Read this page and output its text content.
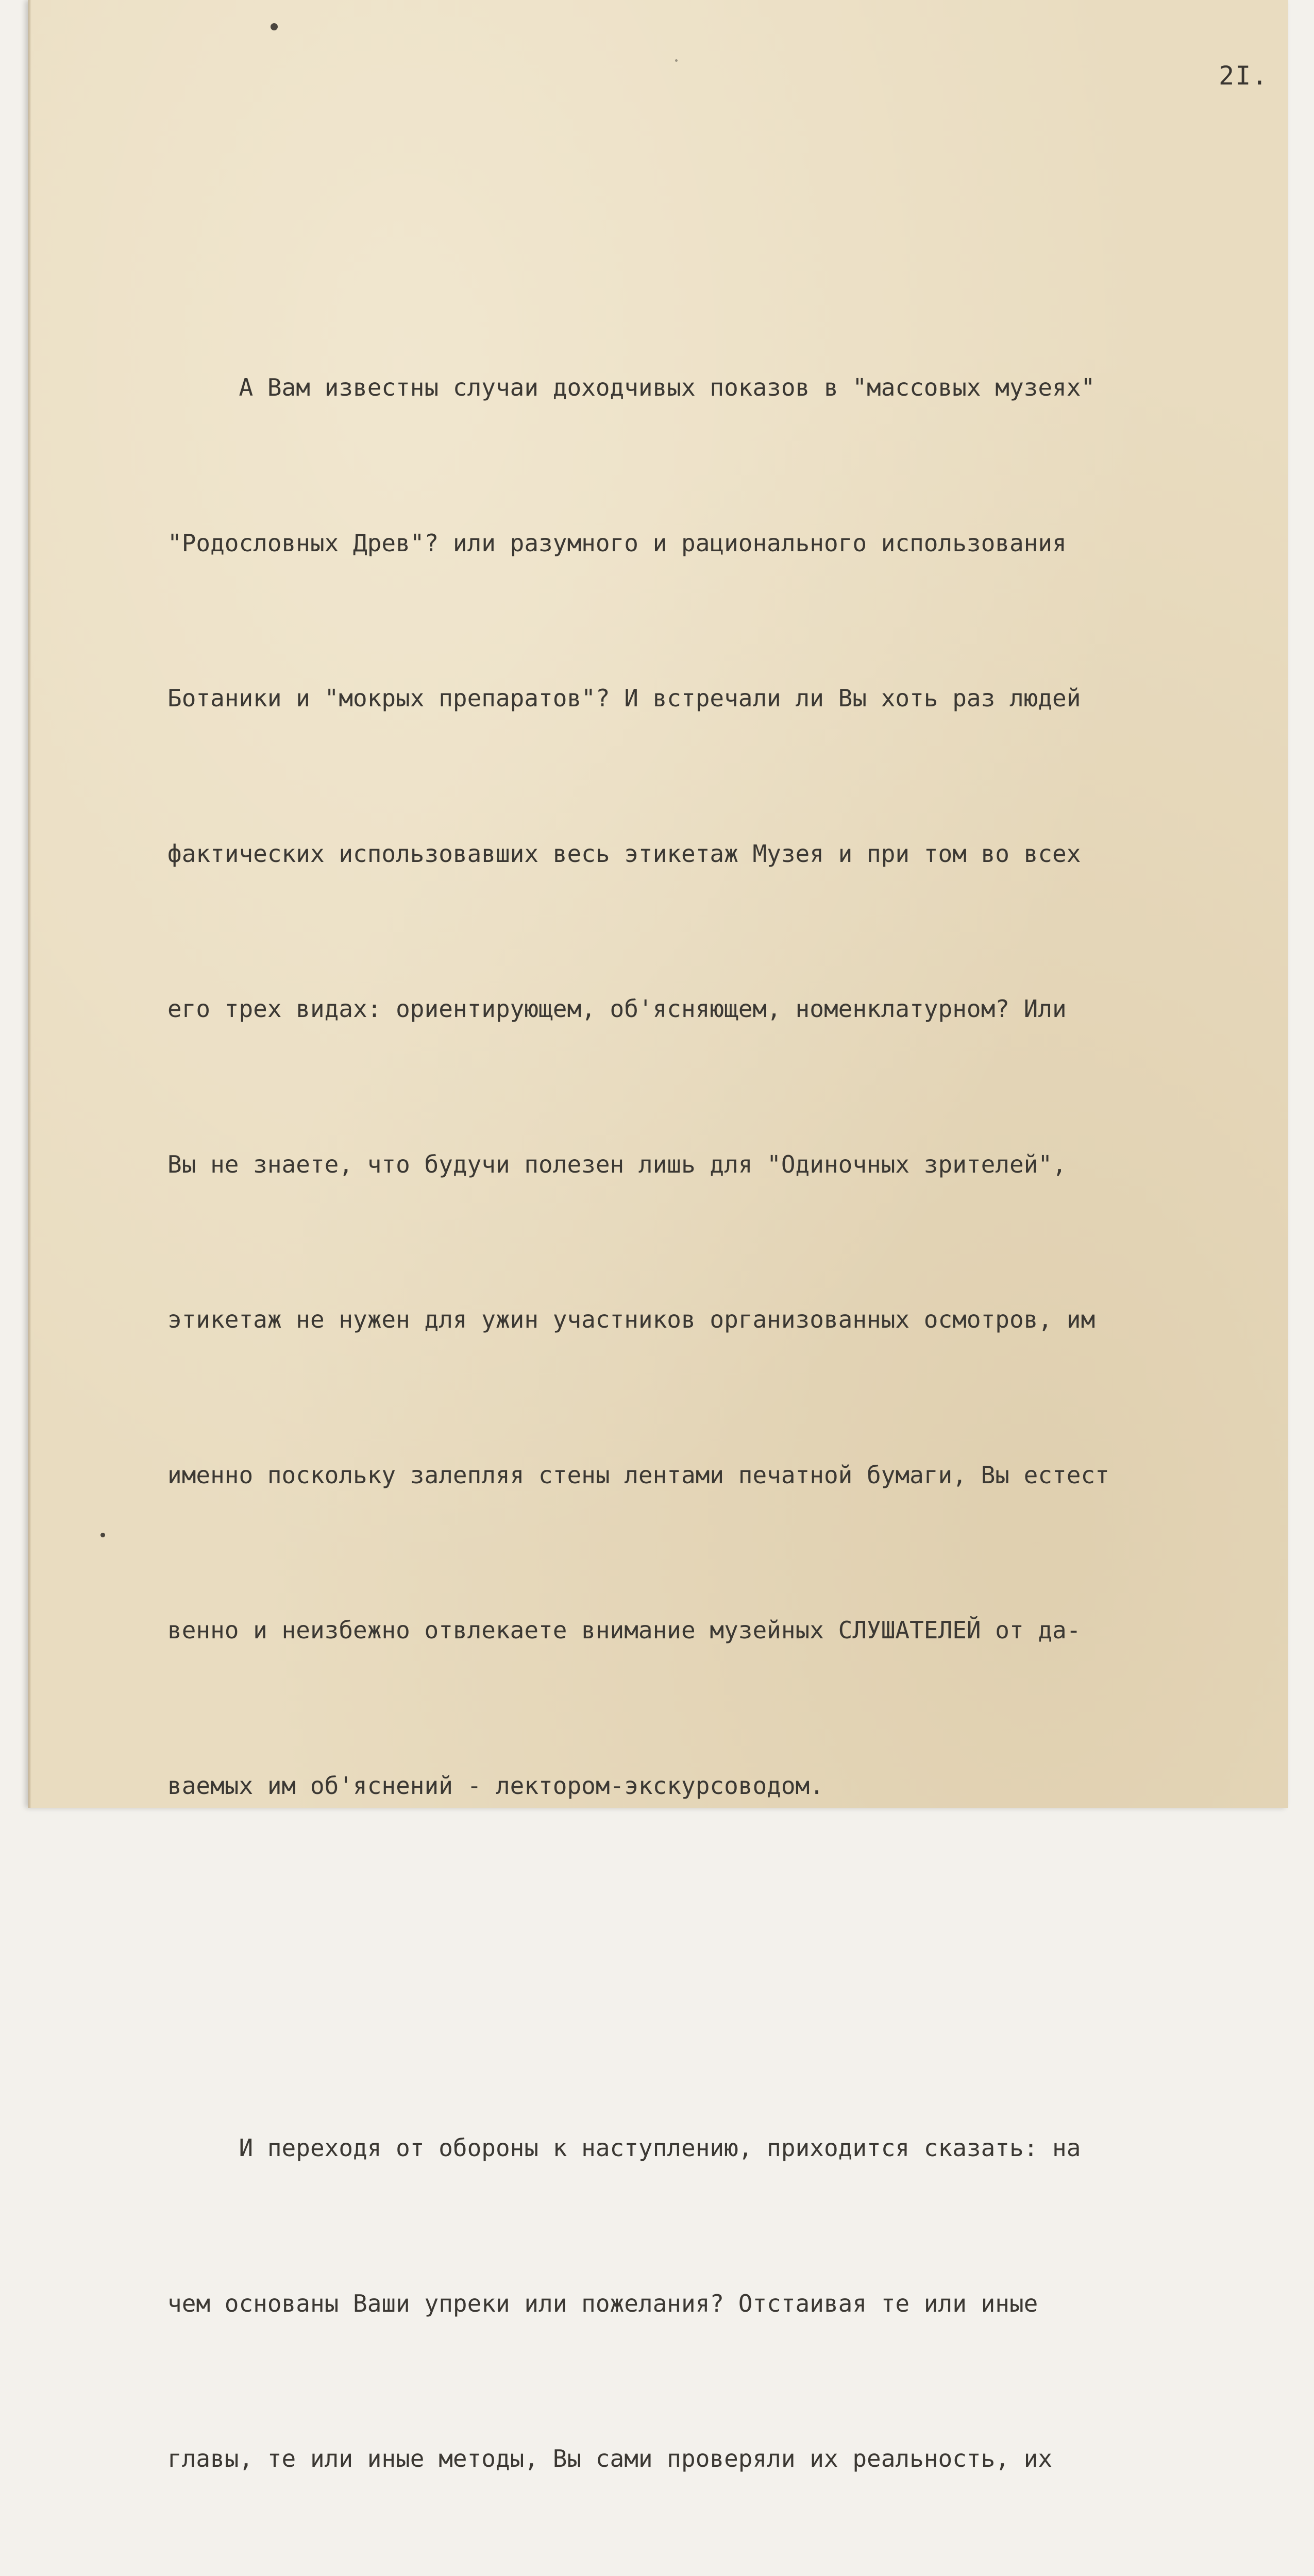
2I.

А Вам известны случаи доходчивых показов в "массовых музеях"

"Родословных Древ"? или разумного и рационального использования

Ботаники и "мокрых препаратов"? И встречали ли Вы хоть раз людей

фактических использовавших весь этикетаж Музея и при том во всех

его трех видах: ориентирующем, об'ясняющем, номенклатурном? Или

Вы не знаете, что будучи полезен лишь для "Одиночных зрителей",

этикетаж не нужен для ужин участников организованных осмотров, им

именно поскольку залепляя стены лентами печатной бумаги, Вы естест

венно и неизбежно отвлекаете внимание музейных СЛУШАТЕЛЕЙ от да-

ваемых им об'яснений - лектором-экскурсоводом.

И переходя от обороны к наступлению, приходится сказать: на

чем основаны Ваши упреки или пожелания? Отстаивая те или иные

главы, те или иные методы, Вы сами проверяли их реальность, их
